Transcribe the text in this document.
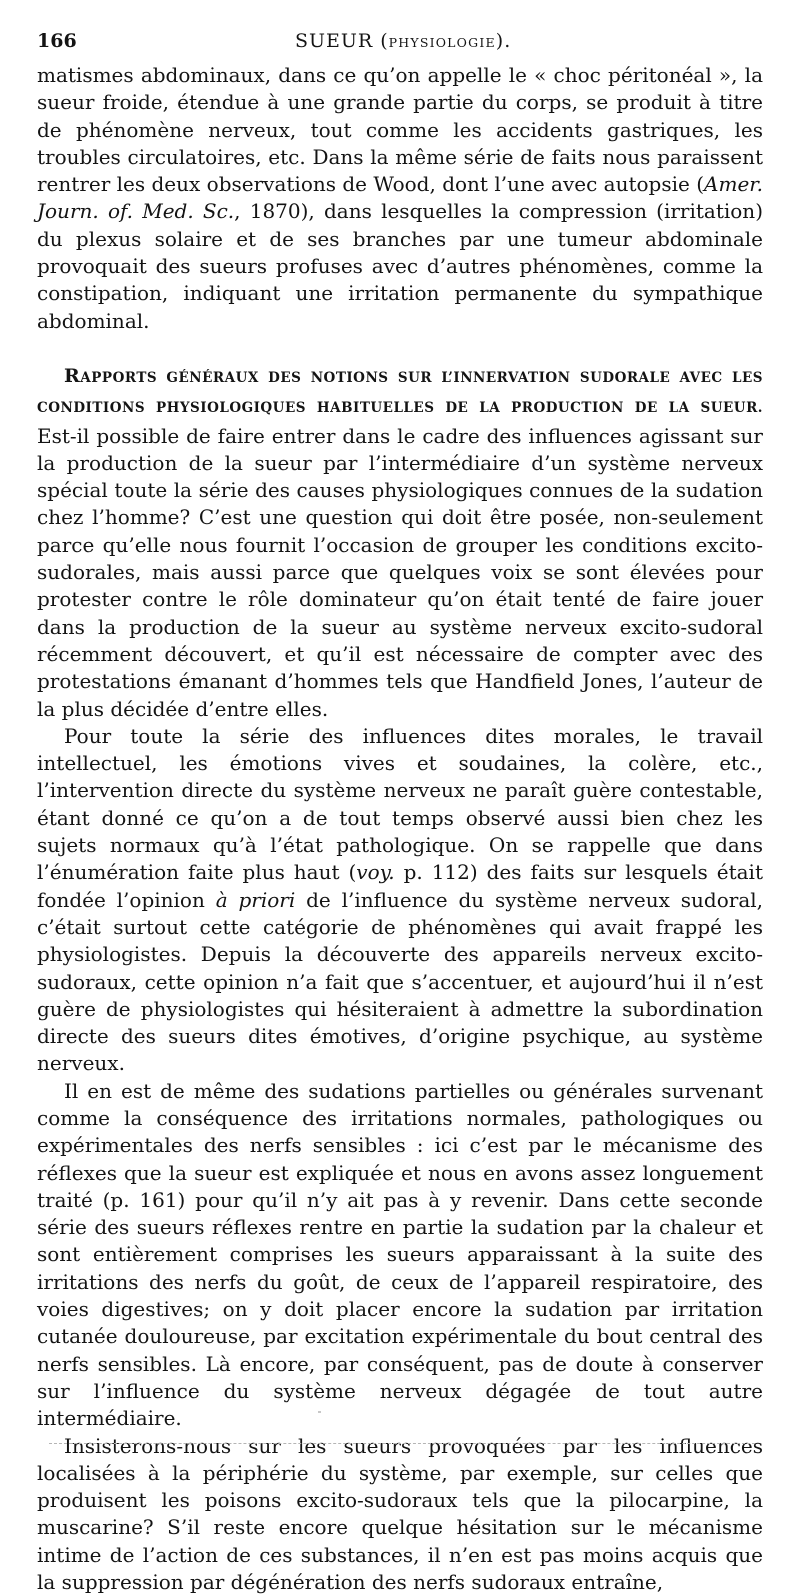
166	SUEUR (PHYSIOLOGIE).

matismes abdominaux, dans ce qu’on appelle le « choc péritonéal », la sueur froide, étendue à une grande partie du corps, se produit à titre de phénomène nerveux, tout comme les accidents gastriques, les troubles circulatoires, etc. Dans la même série de faits nous paraissent rentrer les deux observations de Wood, dont l’une avec autopsie (Amer. Journ. of. Med. Sc., 1870), dans lesquelles la compression (irritation) du plexus solaire et de ses branches par une tumeur abdominale provoquait des sueurs profuses avec d’autres phénomènes, comme la constipation, indiquant une irritation permanente du sympathique abdominal.

RAPPORTS GÉNÉRAUX DES NOTIONS SUR L’INNERVATION SUDORALE AVEC LES CONDITIONS PHYSIOLOGIQUES HABITUELLES DE LA PRODUCTION DE LA SUEUR. Est-il possible de faire entrer dans le cadre des influences agissant sur la production de la sueur par l’intermédiaire d’un système nerveux spécial toute la série des causes physiologiques connues de la sudation chez l’homme? C’est une question qui doit être posée, non-seulement parce qu’elle nous fournit l’occasion de grouper les conditions excito-sudorales, mais aussi parce que quelques voix se sont élevées pour protester contre le rôle dominateur qu’on était tenté de faire jouer dans la production de la sueur au système nerveux excito-sudoral récemment découvert, et qu’il est nécessaire de compter avec des protestations émanant d’hommes tels que Handfield Jones, l’auteur de la plus décidée d’entre elles.

Pour toute la série des influences dites morales, le travail intellectuel, les émotions vives et soudaines, la colère, etc., l’intervention directe du système nerveux ne paraît guère contestable, étant donné ce qu’on a de tout temps observé aussi bien chez les sujets normaux qu’à l’état pathologique. On se rappelle que dans l’énumération faite plus haut (voy. p. 112) des faits sur lesquels était fondée l’opinion à priori de l’influence du système nerveux sudoral, c’était surtout cette catégorie de phénomènes qui avait frappé les physiologistes. Depuis la découverte des appareils nerveux excito-sudoraux, cette opinion n’a fait que s’accentuer, et aujourd’hui il n’est guère de physiologistes qui hésiteraient à admettre la subordination directe des sueurs dites émotives, d’origine psychique, au système nerveux.

Il en est de même des sudations partielles ou générales survenant comme la conséquence des irritations normales, pathologiques ou expérimentales des nerfs sensibles : ici c’est par le mécanisme des réflexes que la sueur est expliquée et nous en avons assez longuement traité (p. 161) pour qu’il n’y ait pas à y revenir. Dans cette seconde série des sueurs réflexes rentre en partie la sudation par la chaleur et sont entièrement comprises les sueurs apparaissant à la suite des irritations des nerfs du goût, de ceux de l’appareil respiratoire, des voies digestives; on y doit placer encore la sudation par irritation cutanée douloureuse, par excitation expérimentale du bout central des nerfs sensibles. Là encore, par conséquent, pas de doute à conserver sur l’influence du système nerveux dégagée de tout autre intermédiaire.

Insisterons-nous sur les sueurs provoquées par les influences localisées à la périphérie du système, par exemple, sur celles que produisent les poisons excito-sudoraux tels que la pilocarpine, la muscarine? S’il reste encore quelque hésitation sur le mécanisme intime de l’action de ces substances, il n’en est pas moins acquis que la suppression par dégénération des nerfs sudoraux entraîne,
